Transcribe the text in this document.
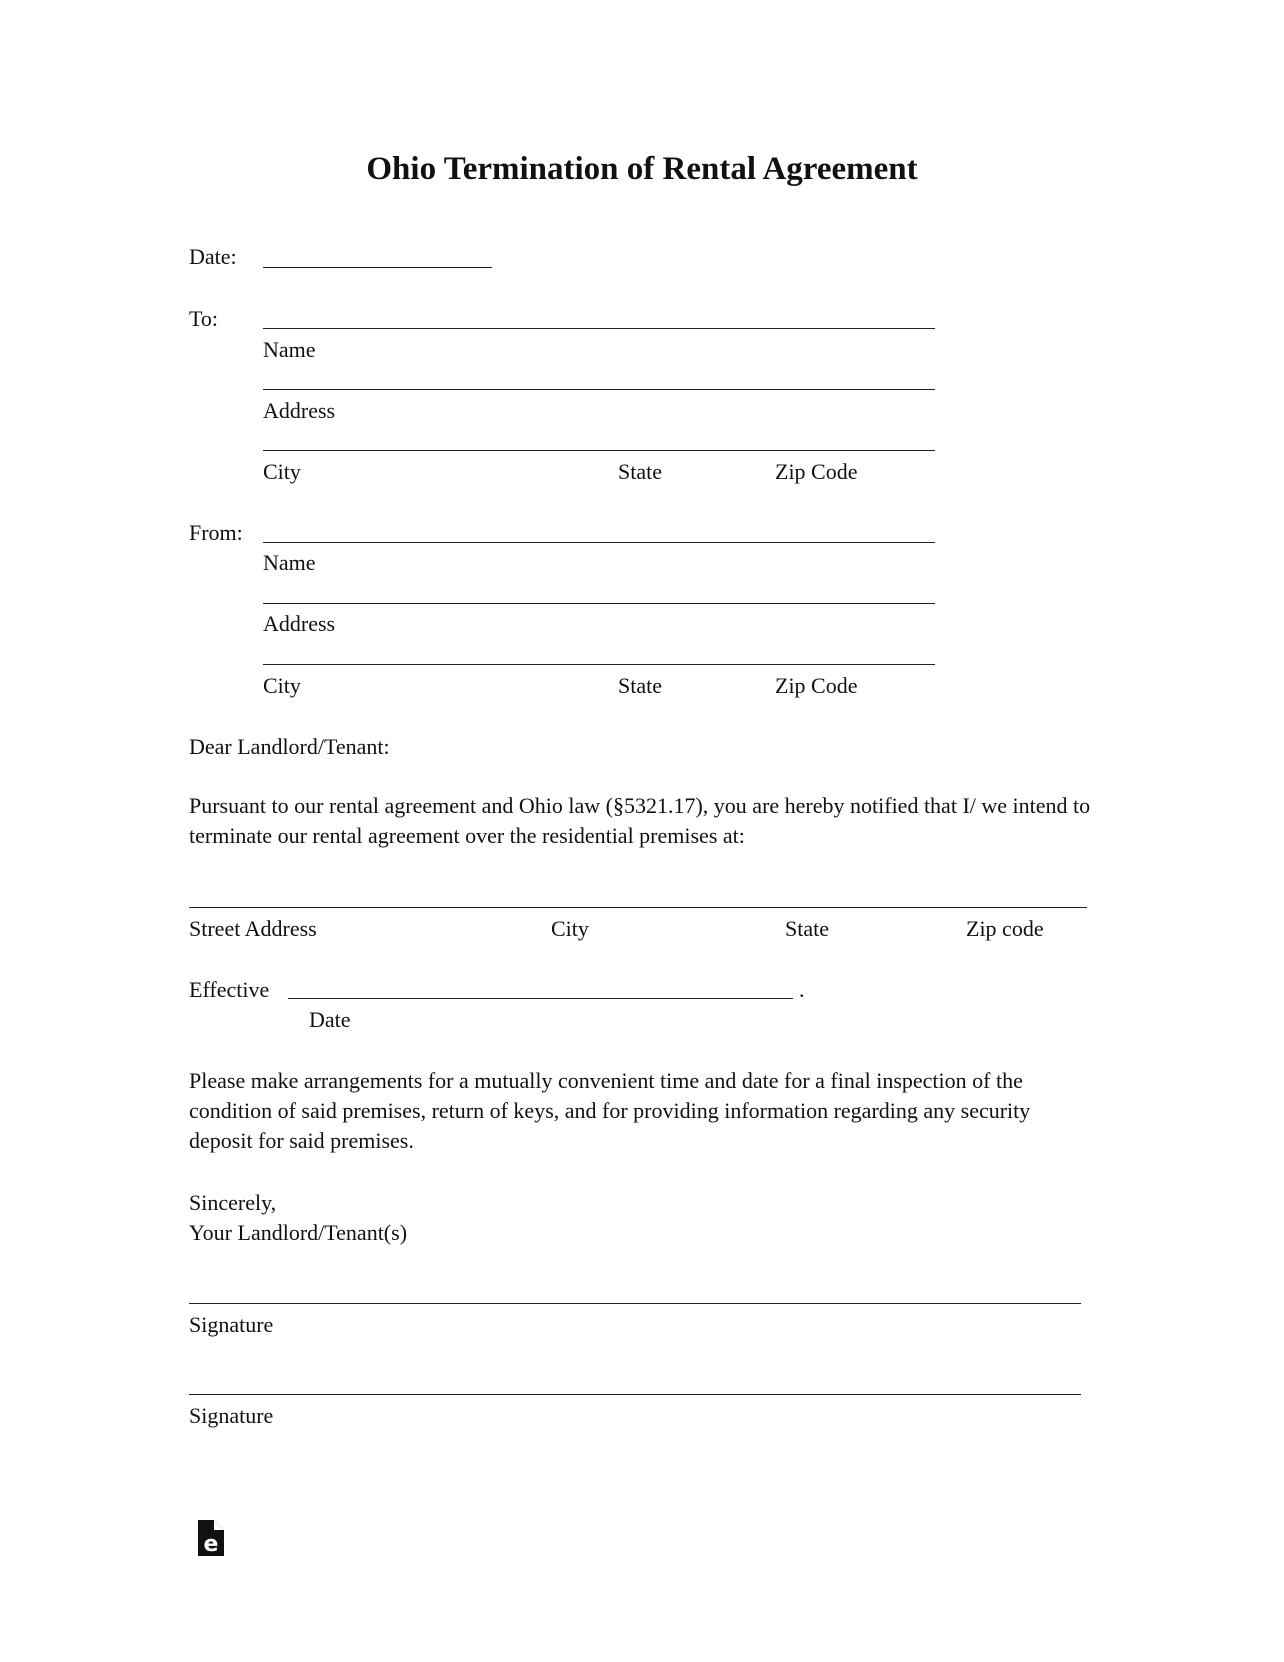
Ohio Termination of Rental Agreement
Date:
To:
Name
Address
City	State	Zip Code
From:
Name
Address
City	State	Zip Code
Dear Landlord/Tenant:
Pursuant to our rental agreement and Ohio law (§5321.17), you are hereby notified that I/ we intend to terminate our rental agreement over the residential premises at:
Street Address	City	State	Zip code
Effective	.
Date
Please make arrangements for a mutually convenient time and date for a final inspection of the condition of said premises, return of keys, and for providing information regarding any security deposit for said premises.
Sincerely,
Your Landlord/Tenant(s)
Signature
Signature
e
